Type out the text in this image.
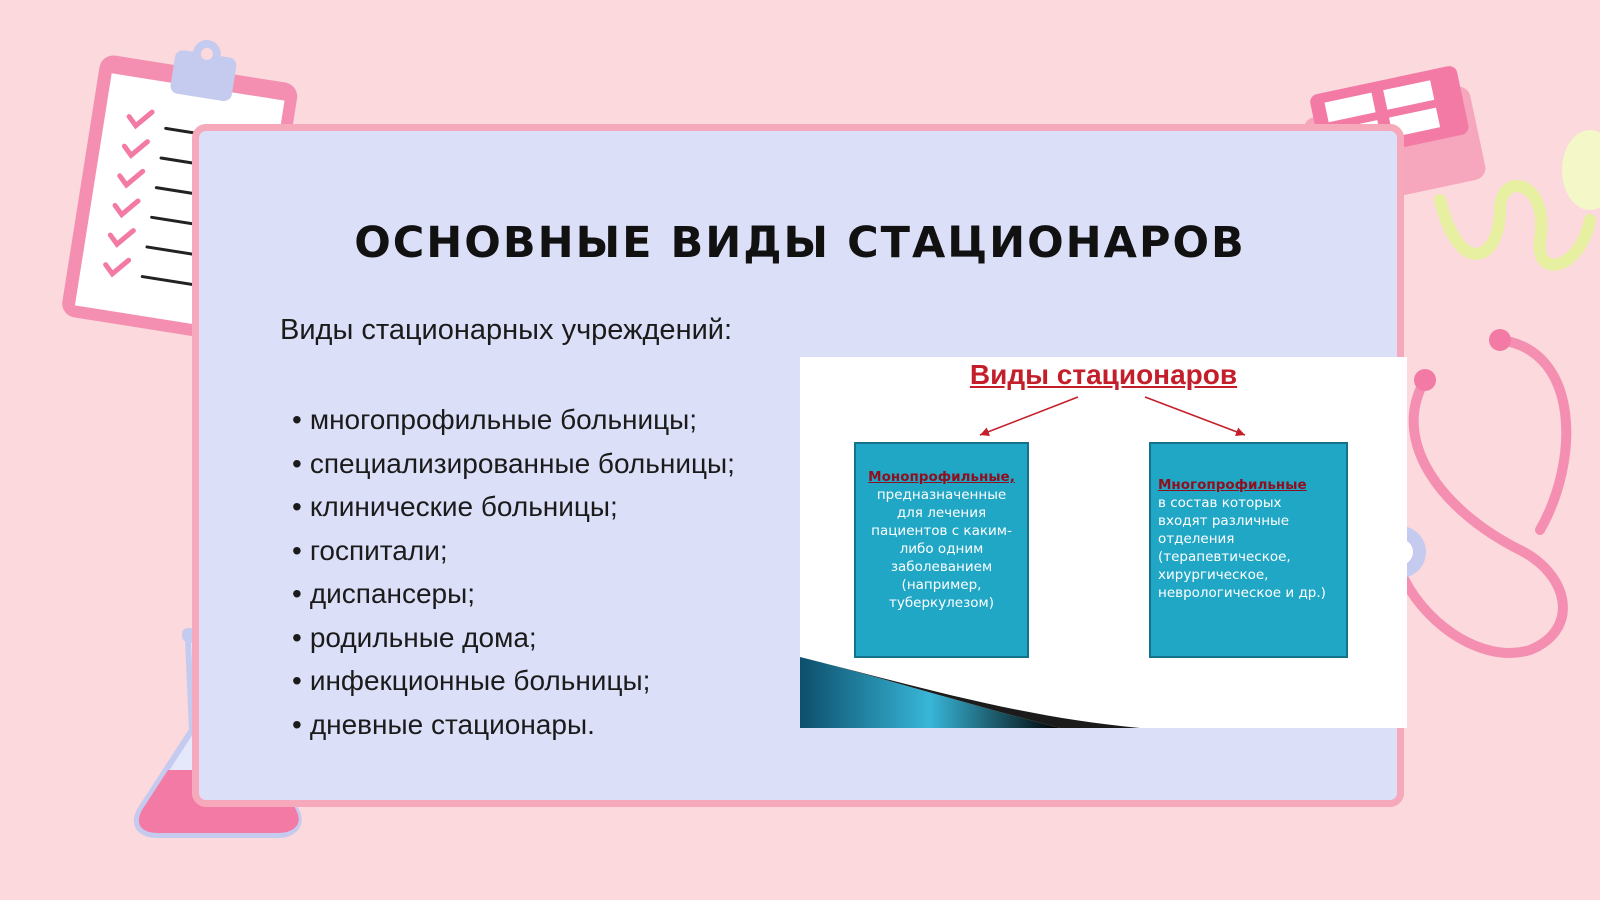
ОСНОВНЫЕ ВИДЫ СТАЦИОНАРОВ

Виды стационарных учреждений:

• многопрофильные больницы;
• специализированные больницы;
• клинические больницы;
• госпитали;
• диспансеры;
• родильные дома;
• инфекционные больницы;
• дневные стационары.

Виды стационаров

Монопрофильные,
предназначенные
для лечения
пациентов с каким-
либо одним
заболеванием
(например,
туберкулезом)
Многопрофильные
в состав которых
входят различные
отделения
(терапевтическое,
хирургическое,
неврологическое и др.)
